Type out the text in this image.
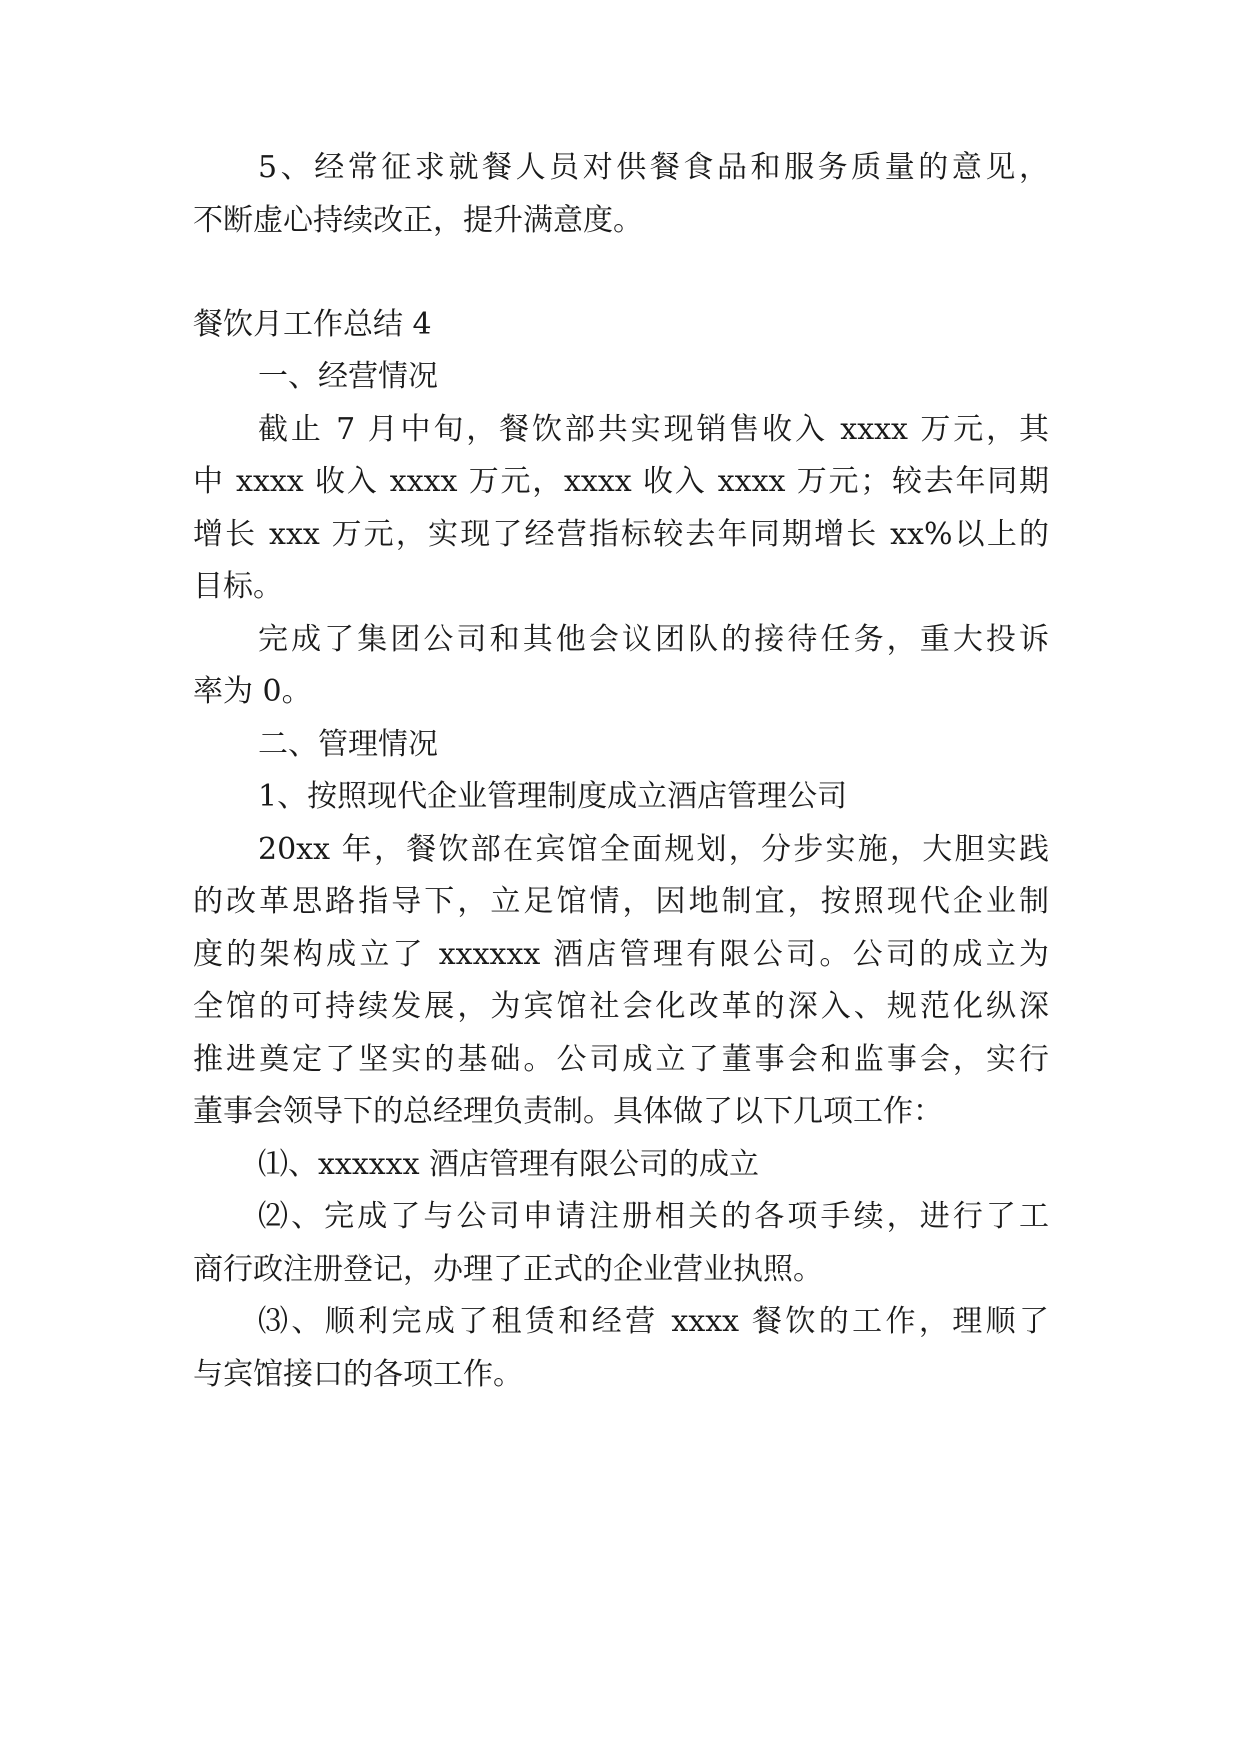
5、经常征求就餐人员对供餐食品和服务质量的意见，
不断虚心持续改正，提升满意度。
餐饮月工作总结 4
一、经营情况
截止 7 月中旬，餐饮部共实现销售收入 xxxx 万元，其
中 xxxx 收入 xxxx 万元，xxxx 收入 xxxx 万元；较去年同期
增长 xxx 万元，实现了经营指标较去年同期增长 xx%以上的
目标。
完成了集团公司和其他会议团队的接待任务，重大投诉
率为 0。
二、管理情况
1、按照现代企业管理制度成立酒店管理公司
20xx 年，餐饮部在宾馆全面规划，分步实施，大胆实践
的改革思路指导下，立足馆情，因地制宜，按照现代企业制
度的架构成立了 xxxxxx 酒店管理有限公司。公司的成立为
全馆的可持续发展，为宾馆社会化改革的深入、规范化纵深
推进奠定了坚实的基础。公司成立了董事会和监事会，实行
董事会领导下的总经理负责制。具体做了以下几项工作：
⑴、xxxxxx 酒店管理有限公司的成立
⑵、完成了与公司申请注册相关的各项手续，进行了工
商行政注册登记，办理了正式的企业营业执照。
⑶、顺利完成了租赁和经营 xxxx 餐饮的工作，理顺了
与宾馆接口的各项工作。
